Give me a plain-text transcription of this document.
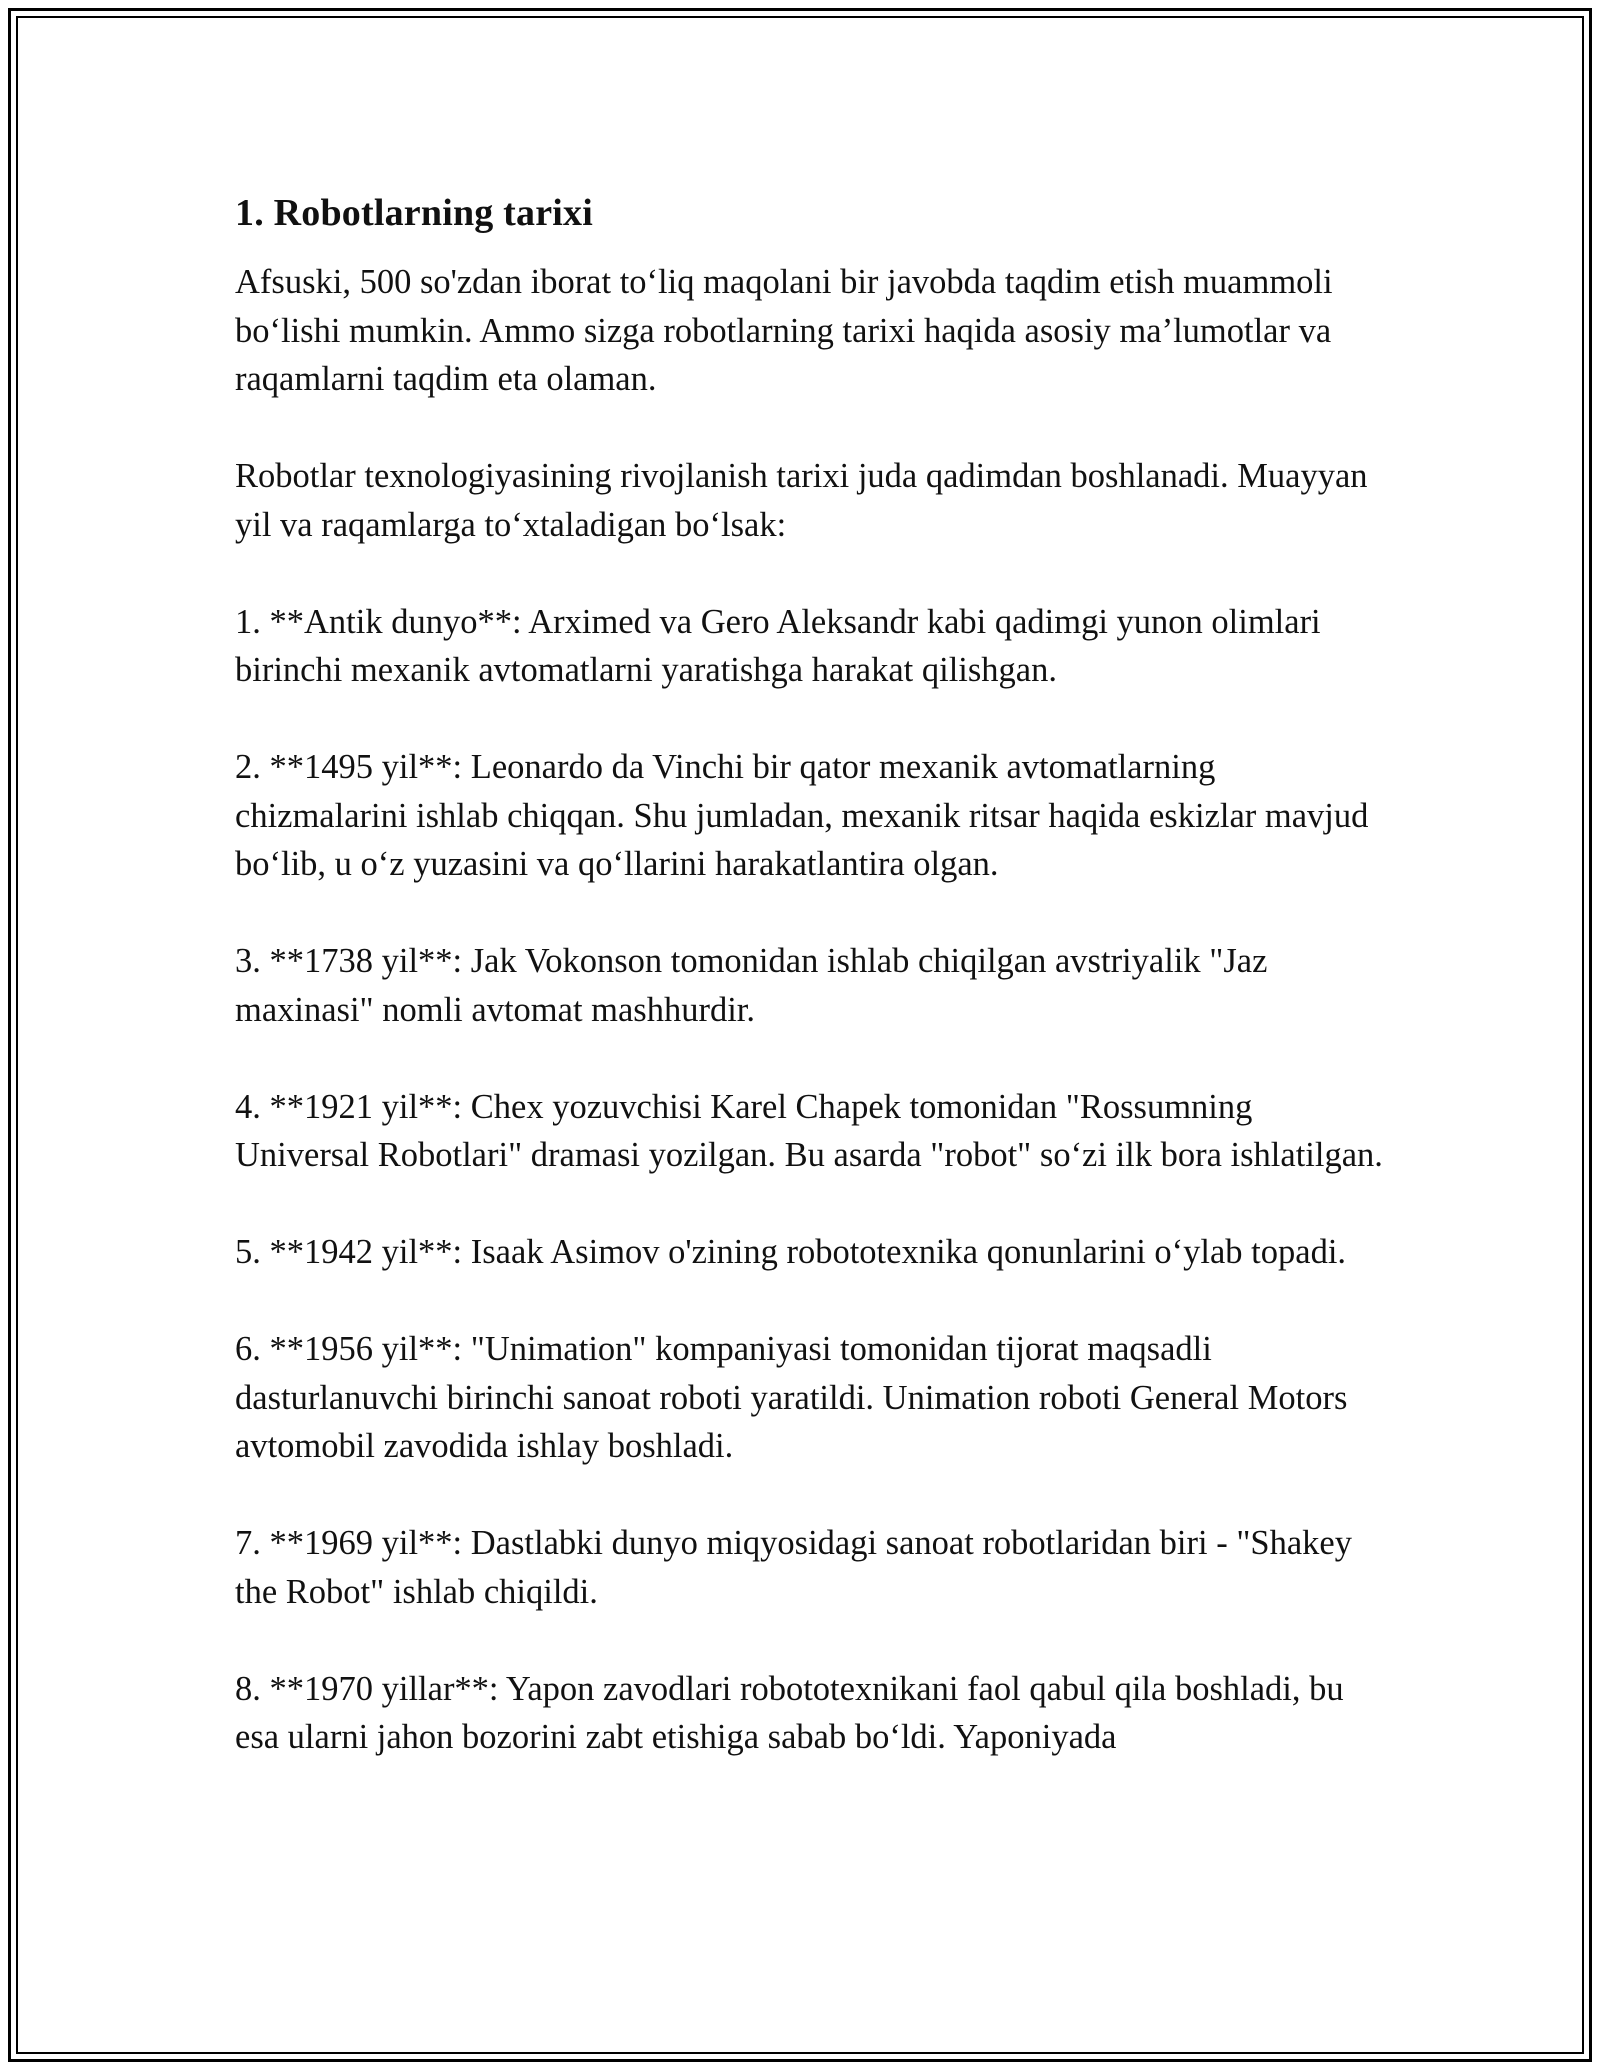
1. Robotlarning tarixi

Afsuski, 500 so'zdan iborat to‘liq maqolani bir javobda taqdim etish muammoli bo‘lishi mumkin. Ammo sizga robotlarning tarixi haqida asosiy ma’lumotlar va raqamlarni taqdim eta olaman.

Robotlar texnologiyasining rivojlanish tarixi juda qadimdan boshlanadi. Muayyan yil va raqamlarga to‘xtaladigan bo‘lsak:

1. **Antik dunyo**: Arximed va Gero Aleksandr kabi qadimgi yunon olimlari birinchi mexanik avtomatlarni yaratishga harakat qilishgan.

2. **1495 yil**: Leonardo da Vinchi bir qator mexanik avtomatlarning chizmalarini ishlab chiqqan. Shu jumladan, mexanik ritsar haqida eskizlar mavjud bo‘lib, u o‘z yuzasini va qo‘llarini harakatlantira olgan.

3. **1738 yil**: Jak Vokonson tomonidan ishlab chiqilgan avstriyalik "Jaz maxinasi" nomli avtomat mashhurdir.

4. **1921 yil**: Chex yozuvchisi Karel Chapek tomonidan "Rossumning Universal Robotlari" dramasi yozilgan. Bu asarda "robot" so‘zi ilk bora ishlatilgan.

5. **1942 yil**: Isaak Asimov o'zining robototexnika qonunlarini o‘ylab topadi.

6. **1956 yil**: "Unimation" kompaniyasi tomonidan tijorat maqsadli dasturlanuvchi birinchi sanoat roboti yaratildi. Unimation roboti General Motors avtomobil zavodida ishlay boshladi.

7. **1969 yil**: Dastlabki dunyo miqyosidagi sanoat robotlaridan biri - "Shakey the Robot" ishlab chiqildi.

8. **1970 yillar**: Yapon zavodlari robototexnikani faol qabul qila boshladi, bu esa ularni jahon bozorini zabt etishiga sabab bo‘ldi. Yaponiyada
